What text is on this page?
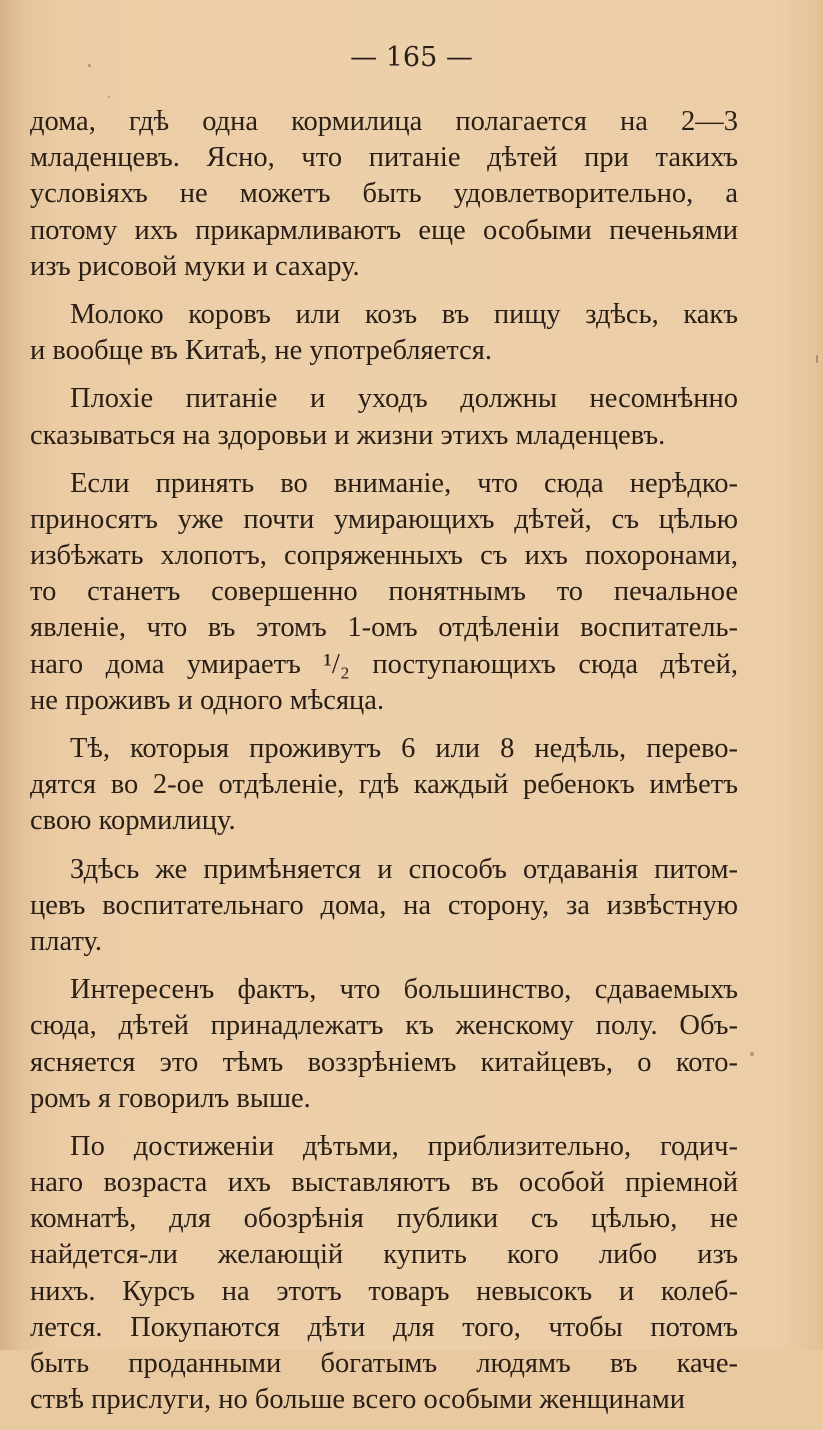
— 165 —
дома, гдѣ одна кормилица полагается на 2—3
младенцевъ. Ясно, что питаніе дѣтей при такихъ
условіяхъ не можетъ быть удовлетворительно, а
потому ихъ прикармливаютъ еще особыми печеньями
изъ рисовой муки и сахару.
Молоко коровъ или козъ въ пищу здѣсь, какъ
и вообще въ Китаѣ, не употребляется.
Плохіе питаніе и уходъ должны несомнѣнно
сказываться на здоровьи и жизни этихъ младенцевъ.
Если принять во вниманіе, что сюда нерѣдко-
приносятъ уже почти умирающихъ дѣтей, съ цѣлью
избѣжать хлопотъ, сопряженныхъ съ ихъ похоронами,
то станетъ совершенно понятнымъ то печальное
явленіе, что въ этомъ 1-омъ отдѣленіи воспитатель-
наго дома умираетъ ¹/₂ поступающихъ сюда дѣтей,
не проживъ и одного мѣсяца.
Тѣ, которыя проживутъ 6 или 8 недѣль, перево-
дятся во 2-ое отдѣленіе, гдѣ каждый ребенокъ имѣетъ
свою кормилицу.
Здѣсь же примѣняется и способъ отдаванія питом-
цевъ воспитательнаго дома, на сторону, за извѣстную
плату.
Интересенъ фактъ, что большинство, сдаваемыхъ
сюда, дѣтей принадлежатъ къ женскому полу. Объ-
ясняется это тѣмъ воззрѣніемъ китайцевъ, о кото-
ромъ я говорилъ выше.
По достиженіи дѣтьми, приблизительно, годич-
наго возраста ихъ выставляютъ въ особой пріемной
комнатѣ, для обозрѣнія публики съ цѣлью, не
найдется-ли желающій купить кого либо изъ
нихъ. Курсъ на этотъ товаръ невысокъ и колеб-
лется. Покупаются дѣти для того, чтобы потомъ
быть проданными богатымъ людямъ въ каче-
ствѣ прислуги, но больше всего особыми женщинами
